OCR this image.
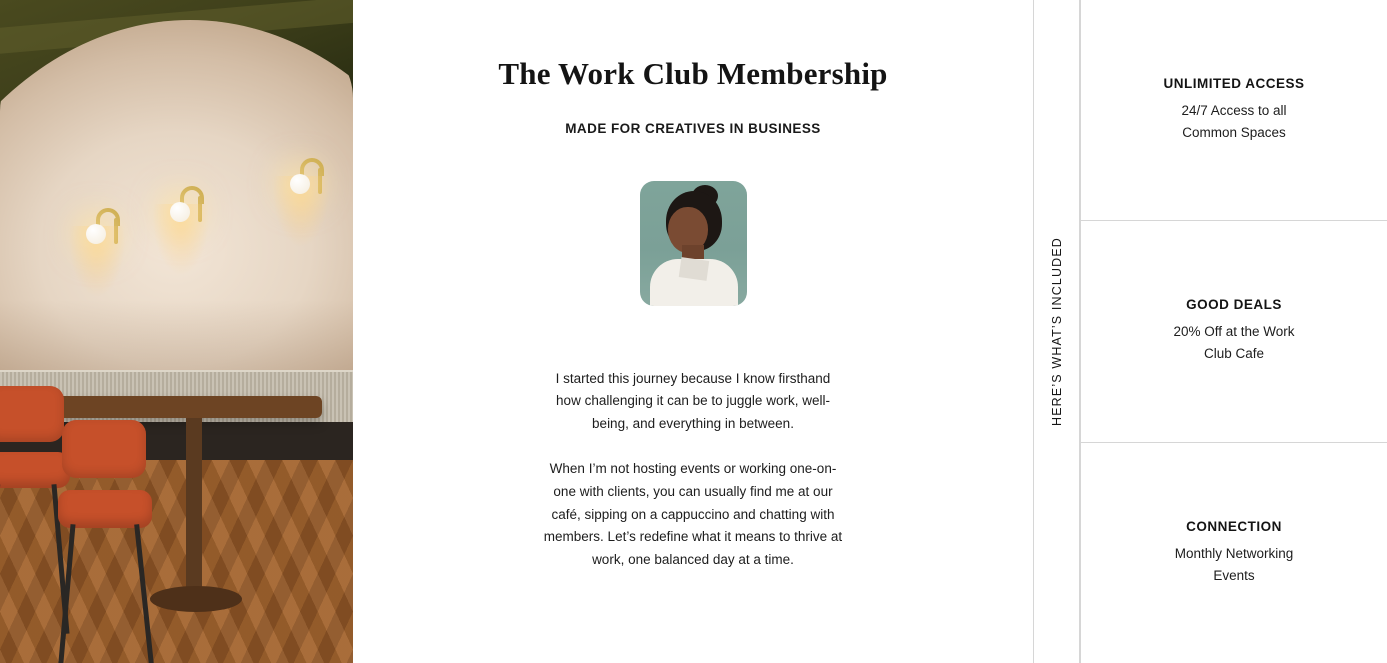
The Work Club Membership
MADE FOR CREATIVES IN BUSINESS

I started this journey because I know firsthand how challenging it can be to juggle work, well-being, and everything in between.

When I’m not hosting events or working one-on-one with clients, you can usually find me at our café, sipping on a cappuccino and chatting with members. Let’s redefine what it means to thrive at work, one balanced day at a time.

HERE’S WHAT’S INCLUDED
UNLIMITED ACCESS
24/7 Access to all Common Spaces
GOOD DEALS
20% Off at the Work Club Cafe
CONNECTION
Monthly Networking Events
